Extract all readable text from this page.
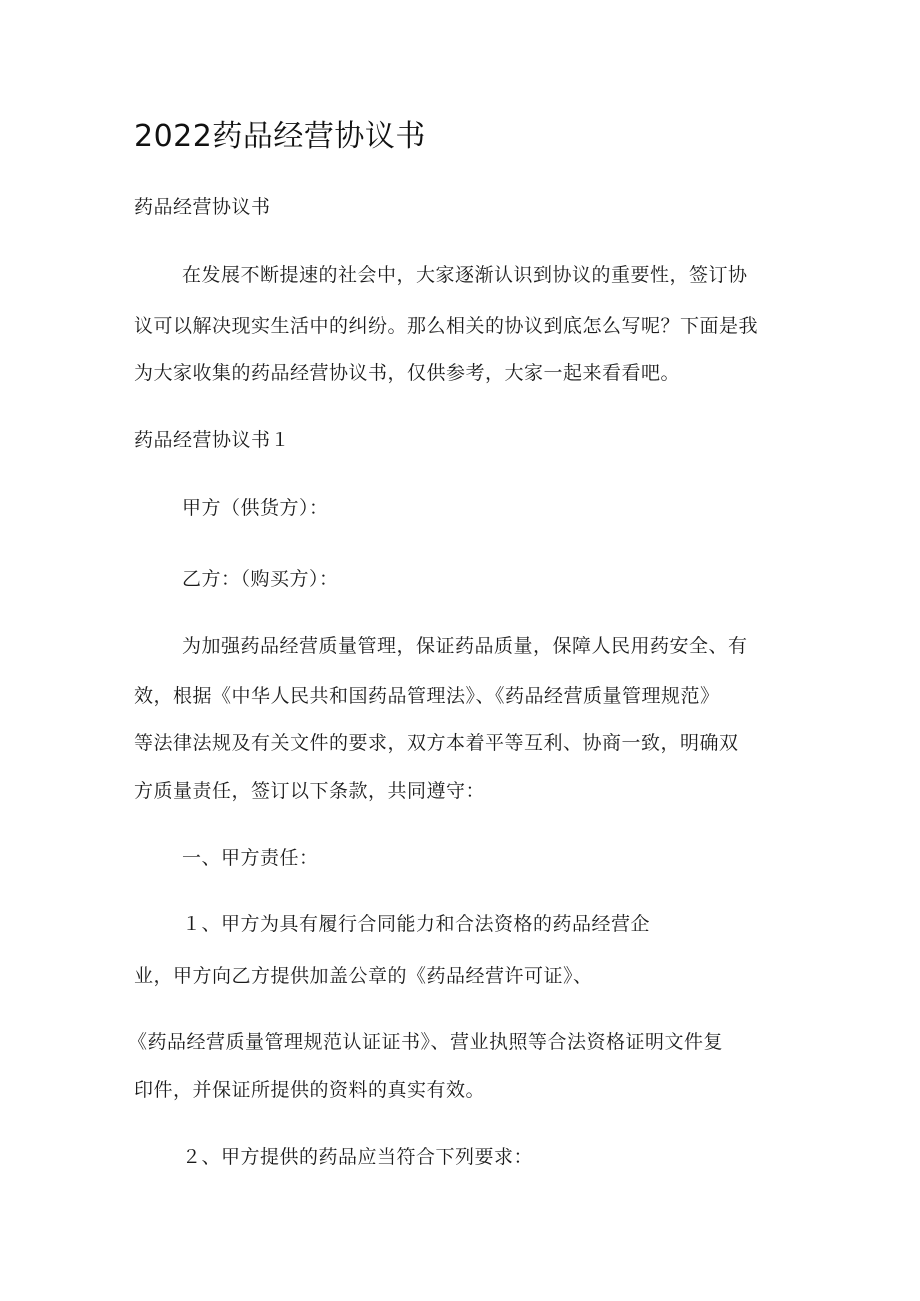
2022药品经营协议书
药品经营协议书
在发展不断提速的社会中，大家逐渐认识到协议的重要性，签订协
议可以解决现实生活中的纠纷。那么相关的协议到底怎么写呢？下面是我
为大家收集的药品经营协议书，仅供参考，大家一起来看看吧。
药品经营协议书１
甲方（供货方）：
乙方：（购买方）：
为加强药品经营质量管理，保证药品质量，保障人民用药安全、有
效，根据《中华人民共和国药品管理法》、《药品经营质量管理规范》
等法律法规及有关文件的要求，双方本着平等互利、协商一致，明确双
方质量责任，签订以下条款，共同遵守：
一、甲方责任：
１、甲方为具有履行合同能力和合法资格的药品经营企
业，甲方向乙方提供加盖公章的《药品经营许可证》、
《药品经营质量管理规范认证证书》、营业执照等合法资格证明文件复
印件，并保证所提供的资料的真实有效。
２、甲方提供的药品应当符合下列要求：
